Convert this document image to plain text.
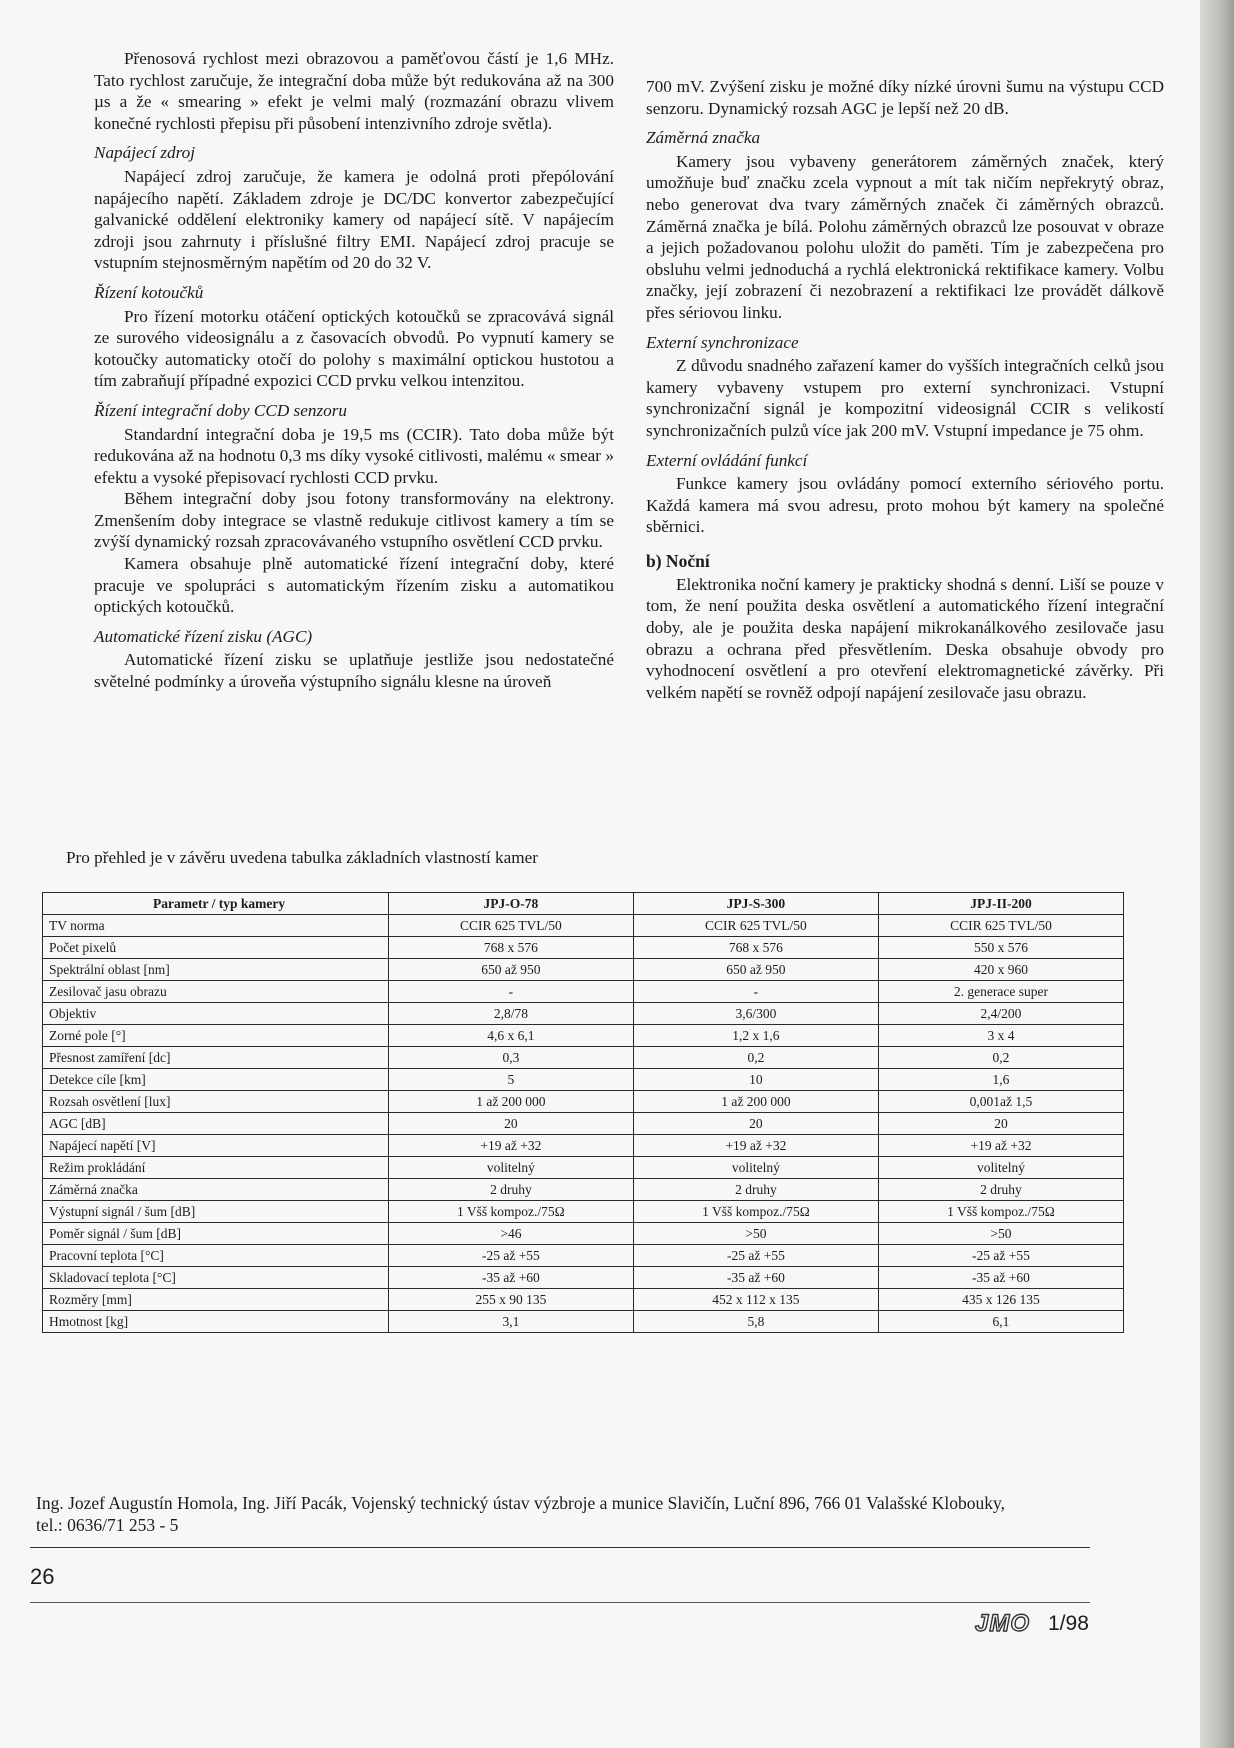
Přenosová rychlost mezi obrazovou a paměťovou částí je 1,6 MHz. Tato rychlost zaručuje, že integrační doba může být redukována až na 300 µs a že « smearing » efekt je velmi malý (rozmazání obrazu vlivem konečné rychlosti přepisu při působení intenzivního zdroje světla).

Napájecí zdroj

Napájecí zdroj zaručuje, že kamera je odolná proti přepólování napájecího napětí. Základem zdroje je DC/DC konvertor zabezpečující galvanické oddělení elektroniky kamery od napájecí sítě. V napájecím zdroji jsou zahrnuty i příslušné filtry EMI. Napájecí zdroj pracuje se vstupním stejnosměrným napětím od 20 do 32 V.

Řízení kotoučků

Pro řízení motorku otáčení optických kotoučků se zpracovává signál ze surového videosignálu a z časovacích obvodů. Po vypnutí kamery se kotoučky automaticky otočí do polohy s maximální optickou hustotou a tím zabraňují případné expozici CCD prvku velkou intenzitou.

Řízení integrační doby CCD senzoru

Standardní integrační doba je 19,5 ms (CCIR). Tato doba může být redukována až na hodnotu 0,3 ms díky vysoké citlivosti, malému « smear » efektu a vysoké přepisovací rychlosti CCD prvku.

Během integrační doby jsou fotony transformovány na elektrony. Zmenšením doby integrace se vlastně redukuje citlivost kamery a tím se zvýší dynamický rozsah zpracovávaného vstupního osvětlení CCD prvku.

Kamera obsahuje plně automatické řízení integrační doby, které pracuje ve spolupráci s automatickým řízením zisku a automatikou optických kotoučků.

Automatické řízení zisku (AGC)

Automatické řízení zisku se uplatňuje jestliže jsou nedostatečné světelné podmínky a úroveňa výstupního signálu klesne na úroveň

700 mV. Zvýšení zisku je možné díky nízké úrovni šumu na výstupu CCD senzoru. Dynamický rozsah AGC je lepší než 20 dB.

Záměrná značka

Kamery jsou vybaveny generátorem záměrných značek, který umožňuje buď značku zcela vypnout a mít tak ničím nepřekrytý obraz, nebo generovat dva tvary záměrných značek či záměrných obrazců. Záměrná značka je bílá. Polohu záměrných obrazců lze posouvat v obraze a jejich požadovanou polohu uložit do paměti. Tím je zabezpečena pro obsluhu velmi jednoduchá a rychlá elektronická rektifikace kamery. Volbu značky, její zobrazení či nezobrazení a rektifikaci lze provádět dálkově přes sériovou linku.

Externí synchronizace

Z důvodu snadného zařazení kamer do vyšších integračních celků jsou kamery vybaveny vstupem pro externí synchronizaci. Vstupní synchronizační signál je kompozitní videosignál CCIR s velikostí synchronizačních pulzů více jak 200 mV. Vstupní impedance je 75 ohm.

Externí ovládání funkcí

Funkce kamery jsou ovládány pomocí externího sériového portu. Každá kamera má svou adresu, proto mohou být kamery na společné sběrnici.

b) Noční

Elektronika noční kamery je prakticky shodná s denní. Liší se pouze v tom, že není použita deska osvětlení a automatického řízení integrační doby, ale je použita deska napájení mikrokanálkového zesilovače jasu obrazu a ochrana před přesvětlením. Deska obsahuje obvody pro vyhodnocení osvětlení a pro otevření elektromagnetické závěrky. Při velkém napětí se rovněž odpojí napájení zesilovače jasu obrazu.

Pro přehled je v závěru uvedena tabulka základních vlastností kamer
Parametr / typ kamery	JPJ-O-78	JPJ-S-300	JPJ-II-200
TV norma	CCIR 625 TVL/50	CCIR 625 TVL/50	CCIR 625 TVL/50
Počet pixelů	768 x 576	768 x 576	550 x 576
Spektrální oblast [nm]	650 až 950	650 až 950	420 x 960
Zesilovač jasu obrazu	-	-	2. generace super
Objektiv	2,8/78	3,6/300	2,4/200
Zorné pole [°]	4,6 x 6,1	1,2 x 1,6	3 x 4
Přesnost zamíření [dc]	0,3	0,2	0,2
Detekce cíle [km]	5	10	1,6
Rozsah osvětlení [lux]	1 až 200 000	1 až 200 000	0,001až 1,5
AGC [dB]	20	20	20
Napájecí napětí [V]	+19 až +32	+19 až +32	+19 až +32
Režim prokládání	volitelný	volitelný	volitelný
Záměrná značka	2 druhy	2 druhy	2 druhy
Výstupní signál / šum [dB]	1 Všš kompoz./75Ω	1 Všš kompoz./75Ω	1 Všš kompoz./75Ω
Poměr signál / šum [dB]	>46	>50	>50
Pracovní teplota [°C]	-25 až +55	-25 až +55	-25 až +55
Skladovací teplota [°C]	-35 až +60	-35 až +60	-35 až +60
Rozměry [mm]	255 x 90 135	452 x 112 x 135	435 x 126 135
Hmotnost [kg]	3,1	5,8	6,1
Ing. Jozef Augustín Homola, Ing. Jiří Pacák, Vojenský technický ústav výzbroje a munice Slavičín, Luční 896, 766 01 Valašské Klobouky,
tel.: 0636/71 253 - 5
26
JMO 1/98
